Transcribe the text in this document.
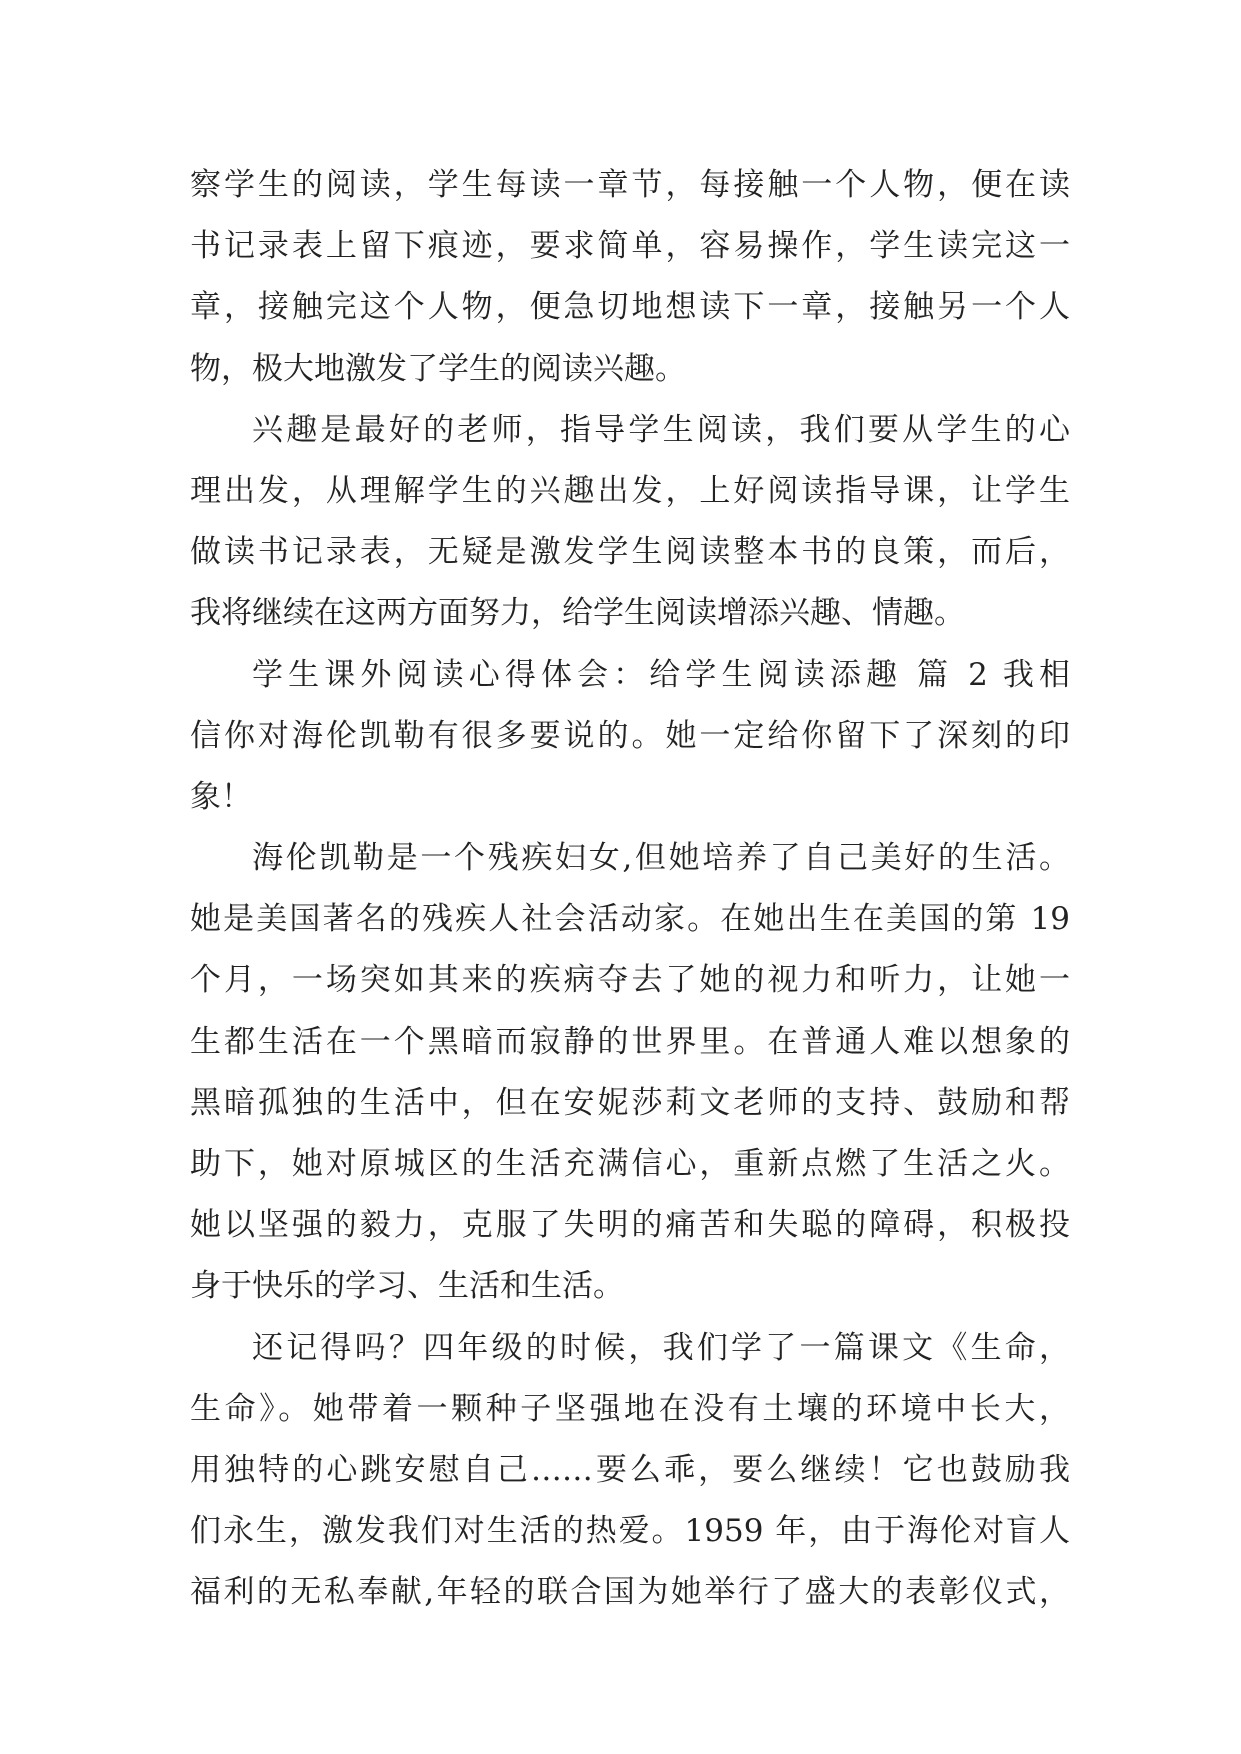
察学生的阅读，学生每读一章节，每接触一个人物，便在读
书记录表上留下痕迹，要求简单，容易操作，学生读完这一
章，接触完这个人物，便急切地想读下一章，接触另一个人
物，极大地激发了学生的阅读兴趣。
兴趣是最好的老师，指导学生阅读，我们要从学生的心
理出发，从理解学生的兴趣出发，上好阅读指导课，让学生
做读书记录表，无疑是激发学生阅读整本书的良策，而后，
我将继续在这两方面努力，给学生阅读增添兴趣、情趣。
学生课外阅读心得体会：给学生阅读添趣 篇 2 我相
信你对海伦凯勒有很多要说的。她一定给你留下了深刻的印
象！
海伦凯勒是一个残疾妇女,但她培养了自己美好的生活。
她是美国著名的残疾人社会活动家。在她出生在美国的第 19
个月，一场突如其来的疾病夺去了她的视力和听力，让她一
生都生活在一个黑暗而寂静的世界里。在普通人难以想象的
黑暗孤独的生活中，但在安妮莎莉文老师的支持、鼓励和帮
助下，她对原城区的生活充满信心，重新点燃了生活之火。
她以坚强的毅力，克服了失明的痛苦和失聪的障碍，积极投
身于快乐的学习、生活和生活。
还记得吗？四年级的时候，我们学了一篇课文《生命，
生命》。她带着一颗种子坚强地在没有土壤的环境中长大，
用独特的心跳安慰自己……要么乖，要么继续！它也鼓励我
们永生，激发我们对生活的热爱。1959 年，由于海伦对盲人
福利的无私奉献,年轻的联合国为她举行了盛大的表彰仪式，
